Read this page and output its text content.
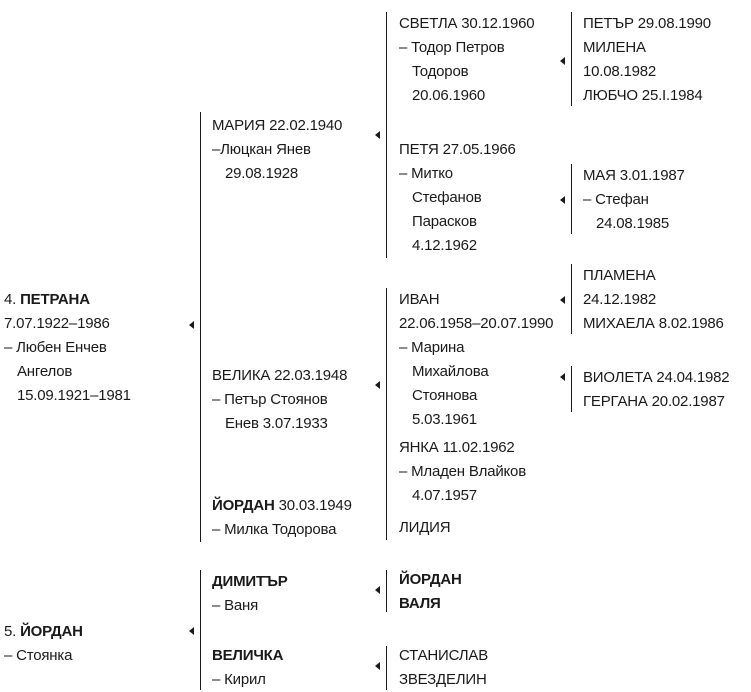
4. ПЕТРАНА
7.07.1922–1986
– Любен Енчев
Ангелов
15.09.1921–1981
5. ЙОРДАН
– Стоянка
МАРИЯ 22.02.1940
–Люцкан Янев
29.08.1928
ВЕЛИКА 22.03.1948
– Петър Стоянов
Енев 3.07.1933
ЙОРДАН 30.03.1949
– Милка Тодорова
ДИМИТЪР
– Ваня
ВЕЛИЧКА
– Кирил
СВЕТЛА 30.12.1960
– Тодор Петров
Тодоров
20.06.1960
ПЕТЯ 27.05.1966
– Митко
Стефанов
Парасков
4.12.1962
ИВАН
22.06.1958–20.07.1990
– Марина
Михайлова
Стоянова
5.03.1961
ЯНКА 11.02.1962
– Младен Влайков
4.07.1957
ЛИДИЯ
ЙОРДАН
ВАЛЯ
СТАНИСЛАВ
ЗВЕЗДЕЛИН
ПЕТЪР 29.08.1990
МИЛЕНА
10.08.1982
ЛЮБЧО 25.I.1984
МАЯ 3.01.1987
– Стефан
24.08.1985
ПЛАМЕНА
24.12.1982
МИХАЕЛА 8.02.1986
ВИОЛЕТА 24.04.1982
ГЕРГАНА 20.02.1987
